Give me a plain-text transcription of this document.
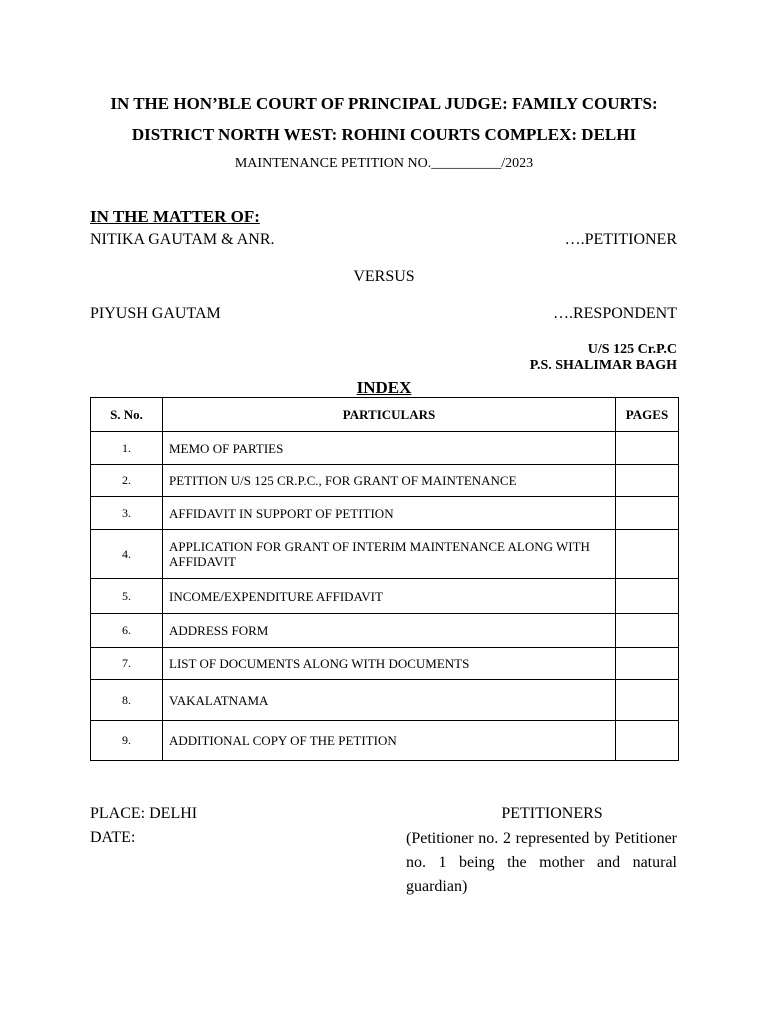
IN THE HON’BLE COURT OF PRINCIPAL JUDGE: FAMILY COURTS:
DISTRICT NORTH WEST: ROHINI COURTS COMPLEX: DELHI
MAINTENANCE PETITION NO.__________/2023
IN THE MATTER OF:
NITIKA GAUTAM & ANR.	….PETITIONER
VERSUS
PIYUSH GAUTAM	….RESPONDENT
U/S 125 Cr.P.C
P.S. SHALIMAR BAGH
INDEX
S. No.	PARTICULARS	PAGES
1.	MEMO OF PARTIES	
2.	PETITION U/S 125 CR.P.C., FOR GRANT OF MAINTENANCE	
3.	AFFIDAVIT IN SUPPORT OF PETITION	
4.	APPLICATION FOR GRANT OF INTERIM MAINTENANCE ALONG WITH AFFIDAVIT	
5.	INCOME/EXPENDITURE AFFIDAVIT	
6.	ADDRESS FORM	
7.	LIST OF DOCUMENTS ALONG WITH DOCUMENTS	
8.	VAKALATNAMA	
9.	ADDITIONAL COPY OF THE PETITION	
PLACE: DELHI
DATE:
PETITIONERS
(Petitioner no. 2 represented by Petitioner no. 1 being the mother and natural guardian)
